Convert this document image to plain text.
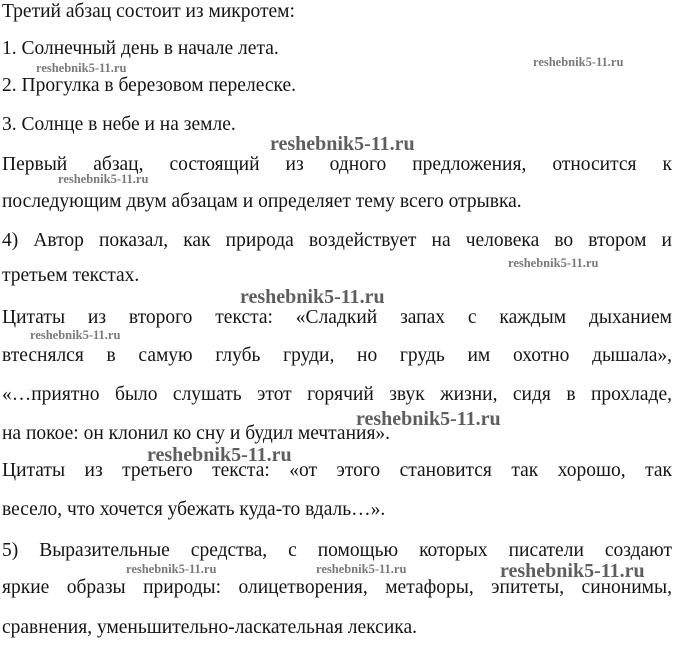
Третий абзац состоит из микротем:
1. Солнечный день в начале лета.
2. Прогулка в березовом перелеске.
3. Солнце в небе и на земле.
Первый абзац, состоящий из одного предложения, относится к
последующим двум абзацам и определяет тему всего отрывка.
4) Автор показал, как природа воздействует на человека во втором и
третьем текстах.
Цитаты из второго текста: «Сладкий запах с каждым дыханием
втеснялся в самую глубь груди, но грудь им охотно дышала»,
«…приятно было слушать этот горячий звук жизни, сидя в прохладе,
на покое: он клонил ко сну и будил мечтания».
Цитаты из третьего текста: «от этого становится так хорошо, так
весело, что хочется убежать куда-то вдаль…».
5) Выразительные средства, с помощью которых писатели создают
яркие образы природы: олицетворения, метафоры, эпитеты, синонимы,
сравнения, уменьшительно-ласкательная лексика.
reshebnik5-11.ru	reshebnik5-11.ru
reshebnik5-11.ru
reshebnik5-11.ru
reshebnik5-11.ru
reshebnik5-11.ru
reshebnik5-11.ru
reshebnik5-11.ru
reshebnik5-11.ru
reshebnik5-11.ru	reshebnik5-11.ru	reshebnik5-11.ru
